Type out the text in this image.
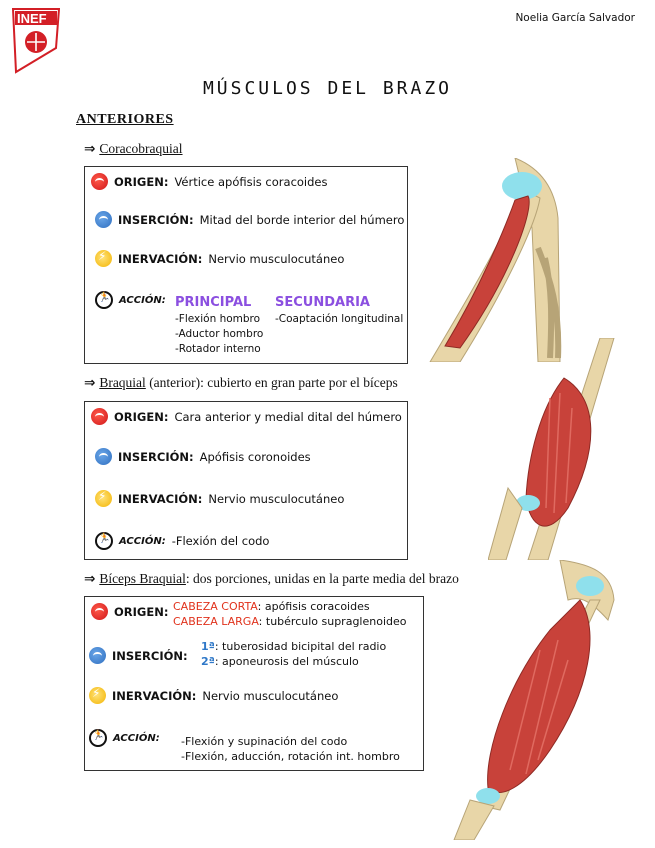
INEF	Noelia García Salvador
MÚSCULOS DEL BRAZO
ANTERIORES
⇒ Coracobraquial
ORIGEN: Vértice apófisis coracoides
INSERCIÓN: Mitad del borde interior del húmero
⚡
INERVACIÓN: Nervio musculocutáneo
🏃
ACCIÓN: PRINCIPAL
-Flexión hombro
-Aductor hombro
-Rotador interno
SECUNDARIA
-Coaptación longitudinal
⇒ Braquial (anterior): cubierto en gran parte por el bíceps
ORIGEN: Cara anterior y medial dital del húmero
INSERCIÓN: Apófisis coronoides
⚡
INERVACIÓN: Nervio musculocutáneo
🏃
ACCIÓN: -Flexión del codo
⇒ Bíceps Braquial: dos porciones, unidas en la parte media del brazo
ORIGEN: CABEZA CORTA: apófisis coracoides
CABEZA LARGA: tubérculo supraglenoideo
INSERCIÓN:
1ª: tuberosidad bicipital del radio
2ª: aponeurosis del músculo
⚡
INERVACIÓN: Nervio musculocutáneo
🏃
ACCIÓN: -Flexión y supinación del codo
-Flexión, aducción, rotación int. hombro
